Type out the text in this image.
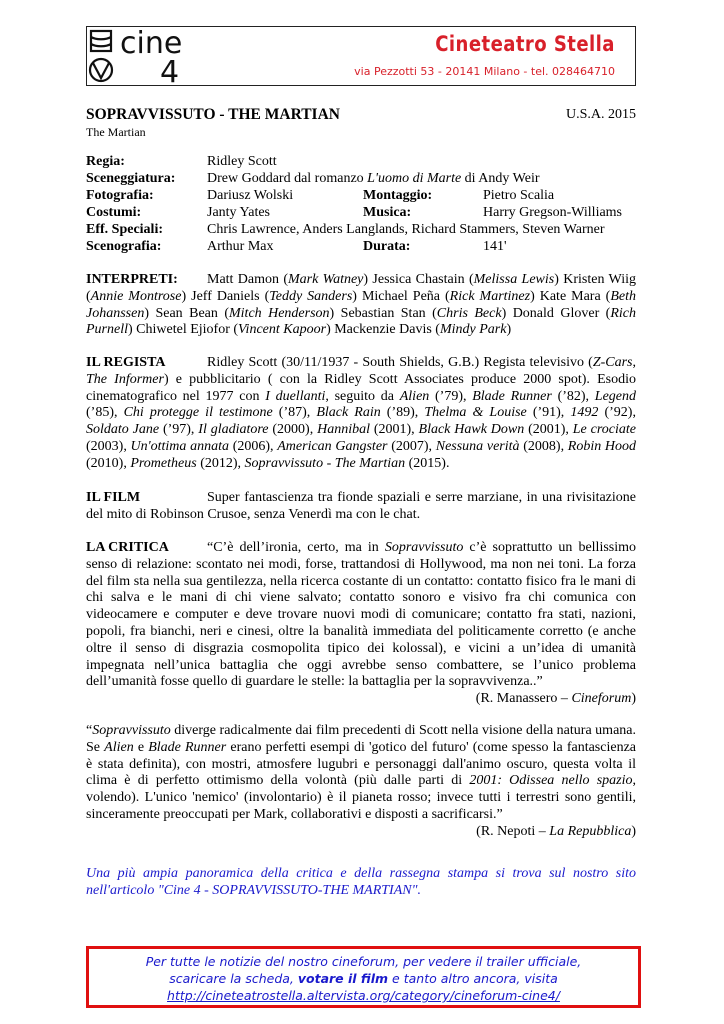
Cineteatro Stella
via Pezzotti 53 - 20141 Milano - tel. 028464710
cine
4
SOPRAVVISSUTO - THE MARTIAN	U.S.A. 2015
The Martian
Regia:	Ridley Scott
Sceneggiatura: Drew Goddard dal romanzo L'uomo di Marte di Andy Weir
Fotografia:	Dariusz Wolski	Montaggio:	Pietro Scalia
Costumi:	Janty Yates	Musica:	Harry Gregson-Williams
Eff. Speciali:	Chris Lawrence, Anders Langlands, Richard Stammers, Steven Warner
Scenografia:	Arthur Max	Durata:	141'
INTERPRETI: Matt Damon (Mark Watney) Jessica Chastain (Melissa Lewis) Kristen Wiig (Annie Montrose) Jeff Daniels (Teddy Sanders) Michael Peña (Rick Martinez) Kate Mara (Beth Johanssen) Sean Bean (Mitch Henderson) Sebastian Stan (Chris Beck) Donald Glover (Rich Purnell) Chiwetel Ejiofor (Vincent Kapoor) Mackenzie Davis (Mindy Park)
IL REGISTA	Ridley Scott (30/11/1937 - South Shields, G.B.) Regista televisivo (Z-Cars, The Informer) e pubblicitario ( con la Ridley Scott Associates produce 2000 spot). Esodio cinematografico nel 1977 con I duellanti, seguito da Alien (’79), Blade Runner (’82), Legend (’85), Chi protegge il testimone (’87), Black Rain (’89), Thelma & Louise (’91), 1492 (’92), Soldato Jane (’97), Il gladiatore (2000), Hannibal (2001), Black Hawk Down (2001), Le crociate (2003), Un'ottima annata (2006), American Gangster (2007), Nessuna verità (2008), Robin Hood (2010), Prometheus (2012), Sopravvissuto - The Martian (2015).
IL FILM	Super fantascienza tra fionde spaziali e serre marziane, in una rivisitazione del mito di Robinson Crusoe, senza Venerdì ma con le chat.
LA CRITICA	“C’è dell’ironia, certo, ma in Sopravvissuto c’è soprattutto un bellissimo senso di relazione: scontato nei modi, forse, trattandosi di Hollywood, ma non nei toni. La forza del film sta nella sua gentilezza, nella ricerca costante di un contatto: contatto fisico fra le mani di chi salva e le mani di chi viene salvato; contatto sonoro e visivo fra chi comunica con videocamere e computer e deve trovare nuovi modi di comunicare; contatto fra stati, nazioni, popoli, fra bianchi, neri e cinesi, oltre la banalità immediata del politicamente corretto (e anche oltre il senso di disgrazia cosmopolita tipico dei kolossal), e vicini a un’idea di umanità impegnata nell’unica battaglia che oggi avrebbe senso combattere, se l’unico problema dell’umanità fosse quello di guardare le stelle: la battaglia per la sopravvivenza..”
(R. Manassero – Cineforum)
“Sopravvissuto diverge radicalmente dai film precedenti di Scott nella visione della natura umana. Se Alien e Blade Runner erano perfetti esempi di 'gotico del futuro' (come spesso la fantascienza è stata definita), con mostri, atmosfere lugubri e personaggi dall'animo oscuro, questa volta il clima è di perfetto ottimismo della volontà (più dalle parti di 2001: Odissea nello spazio, volendo). L'unico 'nemico' (involontario) è il pianeta rosso; invece tutti i terrestri sono gentili, sinceramente preoccupati per Mark, collaborativi e disposti a sacrificarsi.”
(R. Nepoti – La Repubblica)
Una più ampia panoramica della critica e della rassegna stampa si trova sul nostro sito nell'articolo "Cine 4 - SOPRAVVISSUTO-THE MARTIAN".
Per tutte le notizie del nostro cineforum, per vedere il trailer ufficiale,
scaricare la scheda, votare il film e tanto altro ancora, visita
http://cineteatrostella.altervista.org/category/cineforum-cine4/
